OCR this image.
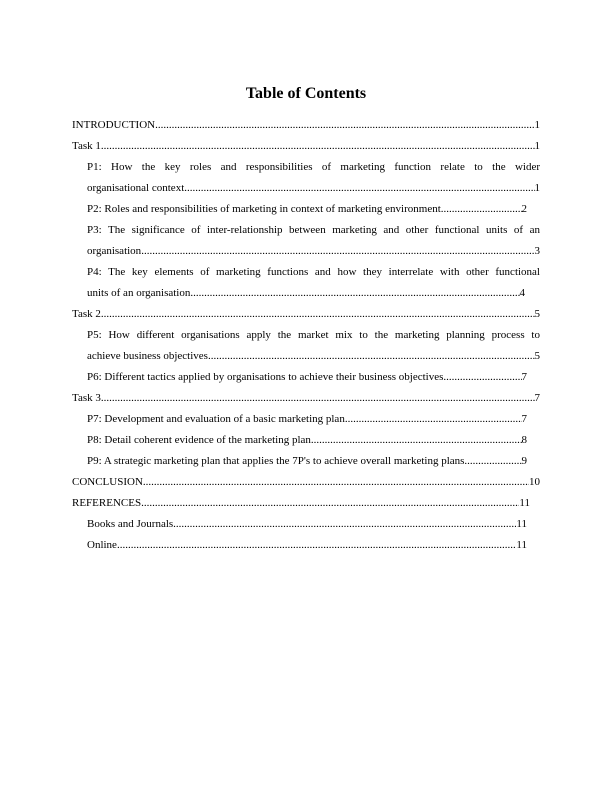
Table of Contents
INTRODUCTION .....	1
Task 1 .....	1
P1: How the key roles and responsibilities of marketing function relate to the wider
organisational context .....	1
P2: Roles and responsibilities of marketing in context of marketing environment .....	2
P3: The significance of inter-relationship between marketing and other functional units of an
organisation .....	3
P4: The key elements of marketing functions and how they interrelate with other functional
units of an organisation .....	4
Task 2 .....	5
P5: How different organisations apply the market mix to the marketing planning process to
achieve business objectives .....	5
P6: Different tactics applied by organisations to achieve their business objectives .....	7
Task 3 .....	7
P7: Development and evaluation of a basic marketing plan .....	7
P8: Detail coherent evidence of the marketing plan .....	8
P9: A strategic marketing plan that applies the 7P's to achieve overall marketing plans .....	9
CONCLUSION .....	10
REFERENCES .....	11
Books and Journals .....	11
Online .....	11
